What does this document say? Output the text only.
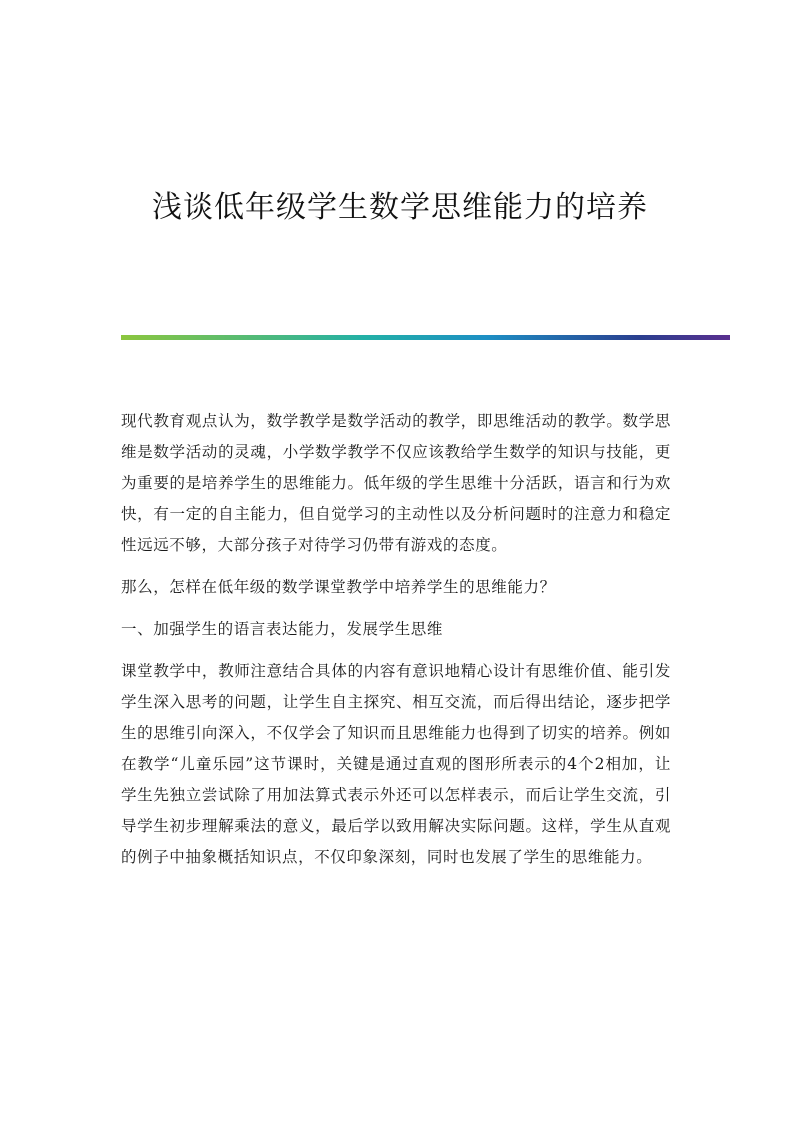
浅谈低年级学生数学思维能力的培养

现代教育观点认为，数学教学是数学活动的教学，即思维活动的教学。数学思维是数学活动的灵魂，小学数学教学不仅应该教给学生数学的知识与技能，更为重要的是培养学生的思维能力。低年级的学生思维十分活跃，语言和行为欢快，有一定的自主能力，但自觉学习的主动性以及分析问题时的注意力和稳定性远远不够，大部分孩子对待学习仍带有游戏的态度。

那么，怎样在低年级的数学课堂教学中培养学生的思维能力？

一、加强学生的语言表达能力，发展学生思维

课堂教学中，教师注意结合具体的内容有意识地精心设计有思维价值、能引发学生深入思考的问题，让学生自主探究、相互交流，而后得出结论，逐步把学生的思维引向深入，不仅学会了知识而且思维能力也得到了切实的培养。例如在教学“儿童乐园”这节课时，关键是通过直观的图形所表示的4个2相加，让学生先独立尝试除了用加法算式表示外还可以怎样表示，而后让学生交流，引导学生初步理解乘法的意义，最后学以致用解决实际问题。这样，学生从直观的例子中抽象概括知识点，不仅印象深刻，同时也发展了学生的思维能力。
